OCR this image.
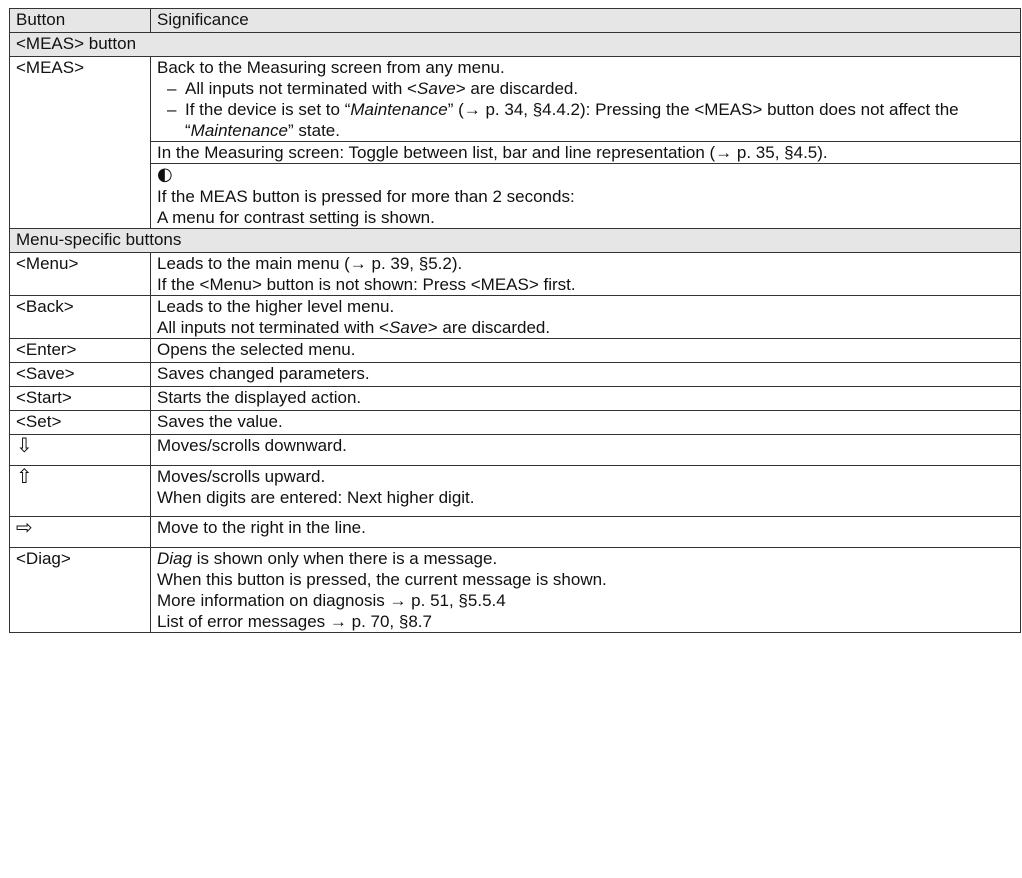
Button	Significance
<MEAS> button	
<MEAS>	Back to the Measuring screen from any menu.
– All inputs not terminated with <Save> are discarded.
– If the device is set to “Maintenance” (→ p. 34, §4.4.2): Pressing the <MEAS> button does not affect the “Maintenance” state.

	In the Measuring screen: Toggle between list, bar and line representation (→ p. 35, §4.5).

	◐
If the MEAS button is pressed for more than 2 seconds:
A menu for contrast setting is shown.

Menu-specific buttons	
<Menu>	Leads to the main menu (→ p. 39, §5.2).
If the <Menu> button is not shown: Press <MEAS> first.

<Back>	Leads to the higher level menu.
All inputs not terminated with <Save> are discarded.

<Enter>	Opens the selected menu.
<Save>	Saves changed parameters.
<Start>	Starts the displayed action.
<Set>	Saves the value.
⇩	Moves/scrolls downward.
⇧	Moves/scrolls upward.
When digits are entered: Next higher digit.

⇨	Move to the right in the line.
<Diag>	Diag is shown only when there is a message.
When this button is pressed, the current message is shown.
More information on diagnosis → p. 51, §5.5.4
List of error messages → p. 70, §8.7
